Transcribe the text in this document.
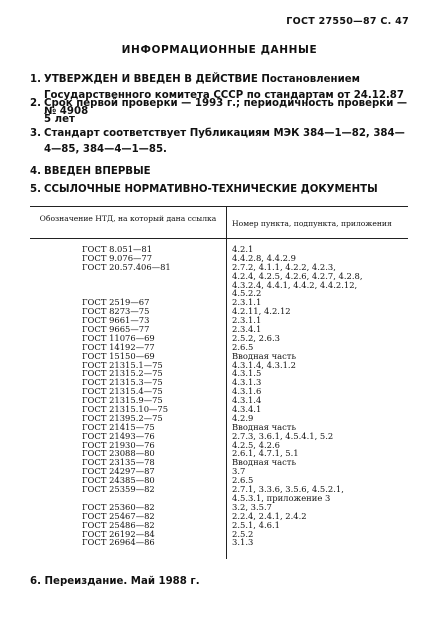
ГОСТ 27550—87 С. 47
ИНФОРМАЦИОННЫЕ ДАННЫЕ
1. УТВЕРЖДЕН И ВВЕДЕН В ДЕЙСТВИЕ Постановлением Государственного комитета СССР по стандартам от 24.12.87 № 4908
2. Срок первой проверки — 1993 г.; периодичность проверки — 5 лет
3. Стандарт соответствует Публикациям МЭК 384—1—82, 384—4—85, 384—4—1—85.
4. ВВЕДЕН ВПЕРВЫЕ
Обозначение НТД, на который дана ссылка
Номер пункта, подпункта, приложения
ГОСТ 8.051—81
ГОСТ 9.076—77
ГОСТ 20.57.406—81
ГОСТ 2519—67
ГОСТ 8273—75
ГОСТ 9661—73
ГОСТ 9665—77
ГОСТ 11076—69
ГОСТ 14192—77
ГОСТ 15150—69
ГОСТ 21315.1—75
ГОСТ 21315.2—75
ГОСТ 21315.3—75
ГОСТ 21315.4—75
ГОСТ 21315.9—75
ГОСТ 21315.10—75
ГОСТ 21395.2—75
ГОСТ 21415—75
ГОСТ 21493—76
ГОСТ 21930—76
ГОСТ 23088—80
ГОСТ 23135—78
ГОСТ 24297—87
ГОСТ 24385—80
ГОСТ 25359—82
ГОСТ 25360—82
ГОСТ 25467—82
ГОСТ 25486—82
ГОСТ 26192—84
ГОСТ 26964—86
4.2.1
4.4.2.8, 4.4.2.9
2.7.2, 4.1.1, 4.2.2, 4.2.3,
4.2.4, 4.2.5, 4.2.6, 4.2.7, 4.2.8,
4.3.2.4, 4.4.1, 4.4.2, 4.4.2.12,
4.5.2.2
2.3.1.1
4.2.11, 4.2.12
2.3.1.1
2.3.4.1
2.5.2, 2.6.3
2.6.5
Вводная часть
4.3.1.4, 4.3.1.2
4.3.1.5
4.3.1.3
4.3.1.6
4.3.1.4
4.3.4.1
4.2.9
Вводная часть
2.7.3, 3.6.1, 4.5.4.1, 5.2
4.2.5, 4.2.6
2.6.1, 4.7.1, 5.1
Вводная часть
3.7
2.6.5
2.7.1, 3.3.6, 3.5.6, 4.5.2.1,
4.5.3.1, приложение 3
3.2, 3.5.7
2.2.4, 2.4.1, 2.4.2
2.5.1, 4.6.1
2.5.2
3.1.3
6. Переиздание. Май 1988 г.
5. ССЫЛОЧНЫЕ НОРМАТИВНО-ТЕХНИЧЕСКИЕ ДОКУМЕНТЫ
